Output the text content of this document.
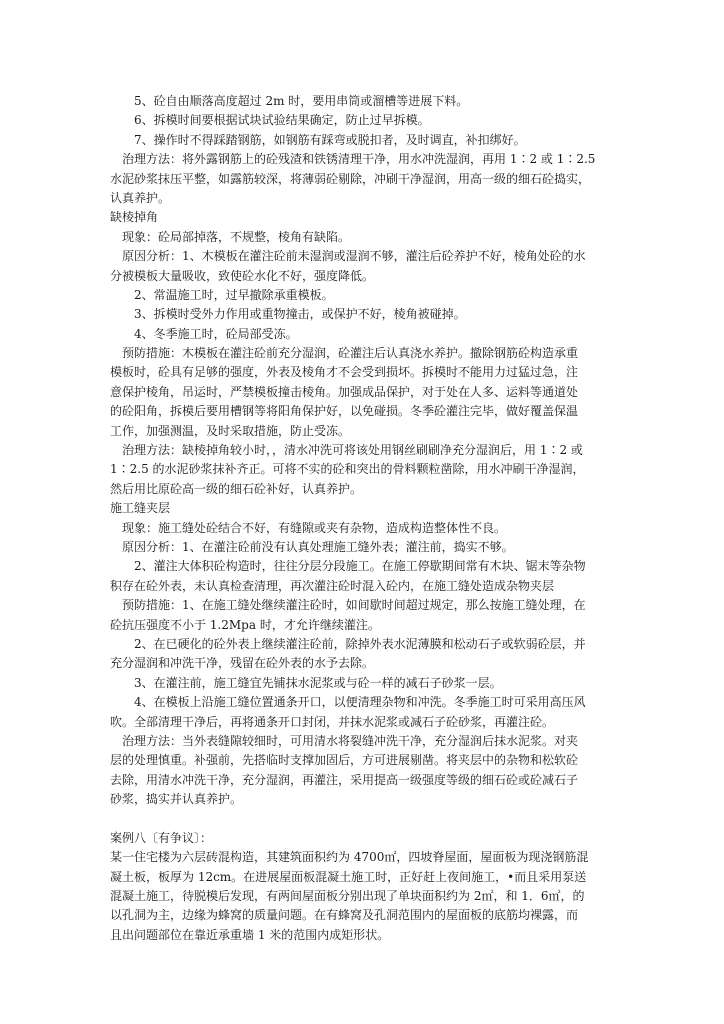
　　5、砼自由顺落高度超过 2m 时，要用串筒或溜槽等进展下料。
　　6、拆模时间要根据试块试验结果确定，防止过早拆模。
　　7、操作时不得踩踏钢筋，如钢筋有踩弯或脱扣者，及时调直，补扣绑好。
　治理方法：将外露钢筋上的砼残渣和铁锈清理干净，用水冲洗湿润，再用 1∶2 或 1∶2.5
水泥砂浆抹压平整，如露筋较深，将薄弱砼剔除，冲刷干净湿润，用高一级的细石砼捣实，
认真养护。
缺棱掉角
　现象：砼局部掉落，不规整，棱角有缺陷。
　原因分析：1、木模板在灌注砼前未湿润或湿润不够，灌注后砼养护不好，棱角处砼的水
分被模板大量吸收，致使砼水化不好，强度降低。
　　2、常温施工时，过早撤除承重模板。
　　3、拆模时受外力作用或重物撞击，或保护不好，棱角被碰掉。
　　4、冬季施工时，砼局部受冻。
　预防措施：木模板在灌注砼前充分湿润，砼灌注后认真浇水养护。撤除钢筋砼构造承重
模板时，砼具有足够的强度，外表及棱角才不会受到损坏。拆模时不能用力过猛过急，注
意保护棱角，吊运时，严禁模板撞击棱角。加强成品保护，对于处在人多、运料等通道处
的砼阳角，拆模后要用槽钢等将阳角保护好，以免碰损。冬季砼灌注完毕，做好覆盖保温
工作，加强测温，及时采取措施，防止受冻。
　治理方法：缺棱掉角较小时，，清水冲洗可将该处用钢丝刷刷净充分湿润后，用 1∶2 或
1∶2.5 的水泥砂浆抹补齐正。可将不实的砼和突出的骨料颗粒凿除，用水冲刷干净湿润，
然后用比原砼高一级的细石砼补好，认真养护。
施工缝夹层
　现象：施工缝处砼结合不好，有缝隙或夹有杂物，造成构造整体性不良。
　原因分析：1、在灌注砼前没有认真处理施工缝外表；灌注前，捣实不够。
　　2、灌注大体积砼构造时，往往分层分段施工。在施工停歇期间常有木块、锯末等杂物
积存在砼外表，未认真检查清理，再次灌注砼时混入砼内，在施工缝处造成杂物夹层
　预防措施：1、在施工缝处继续灌注砼时，如间歇时间超过规定，那么按施工缝处理，在
砼抗压强度不小于 1.2Mpa 时，才允许继续灌注。
　　2、在已硬化的砼外表上继续灌注砼前，除掉外表水泥薄膜和松动石子或软弱砼层，并
充分湿润和冲洗干净，残留在砼外表的水予去除。
　　3、在灌注前，施工缝宜先铺抹水泥浆或与砼一样的减石子砂浆一层。
　　4、在模板上沿施工缝位置通条开口，以便清理杂物和冲洗。冬季施工时可采用高压风
吹。全部清理干净后，再将通条开口封闭，并抹水泥浆或减石子砼砂浆，再灌注砼。
　治理方法：当外表缝隙较细时，可用清水将裂缝冲洗干净，充分湿润后抹水泥浆。对夹
层的处理慎重。补强前，先搭临时支撑加固后，方可进展剔凿。将夹层中的杂物和松软砼
去除，用清水冲洗干净，充分湿润，再灌注，采用提高一级强度等级的细石砼或砼减石子
砂浆，捣实并认真养护。
案例八〔有争议〕：
某一住宅楼为六层砖混构造，其建筑面积约为 4700㎡，四坡脊屋面，屋面板为现浇钢筋混
凝土板，板厚为 12cm。在进展屋面板混凝土施工时，正好赶上夜间施工，•而且采用泵送
混凝土施工，待脱模后发现，有两间屋面板分别出现了单块面积约为 2㎡，和 1．6㎡，的
以孔洞为主，边缘为蜂窝的质量问题。在有蜂窝及孔洞范围内的屋面板的底筋均裸露，而
且出问题部位在靠近承重墙 1 米的范围内成矩形状。
